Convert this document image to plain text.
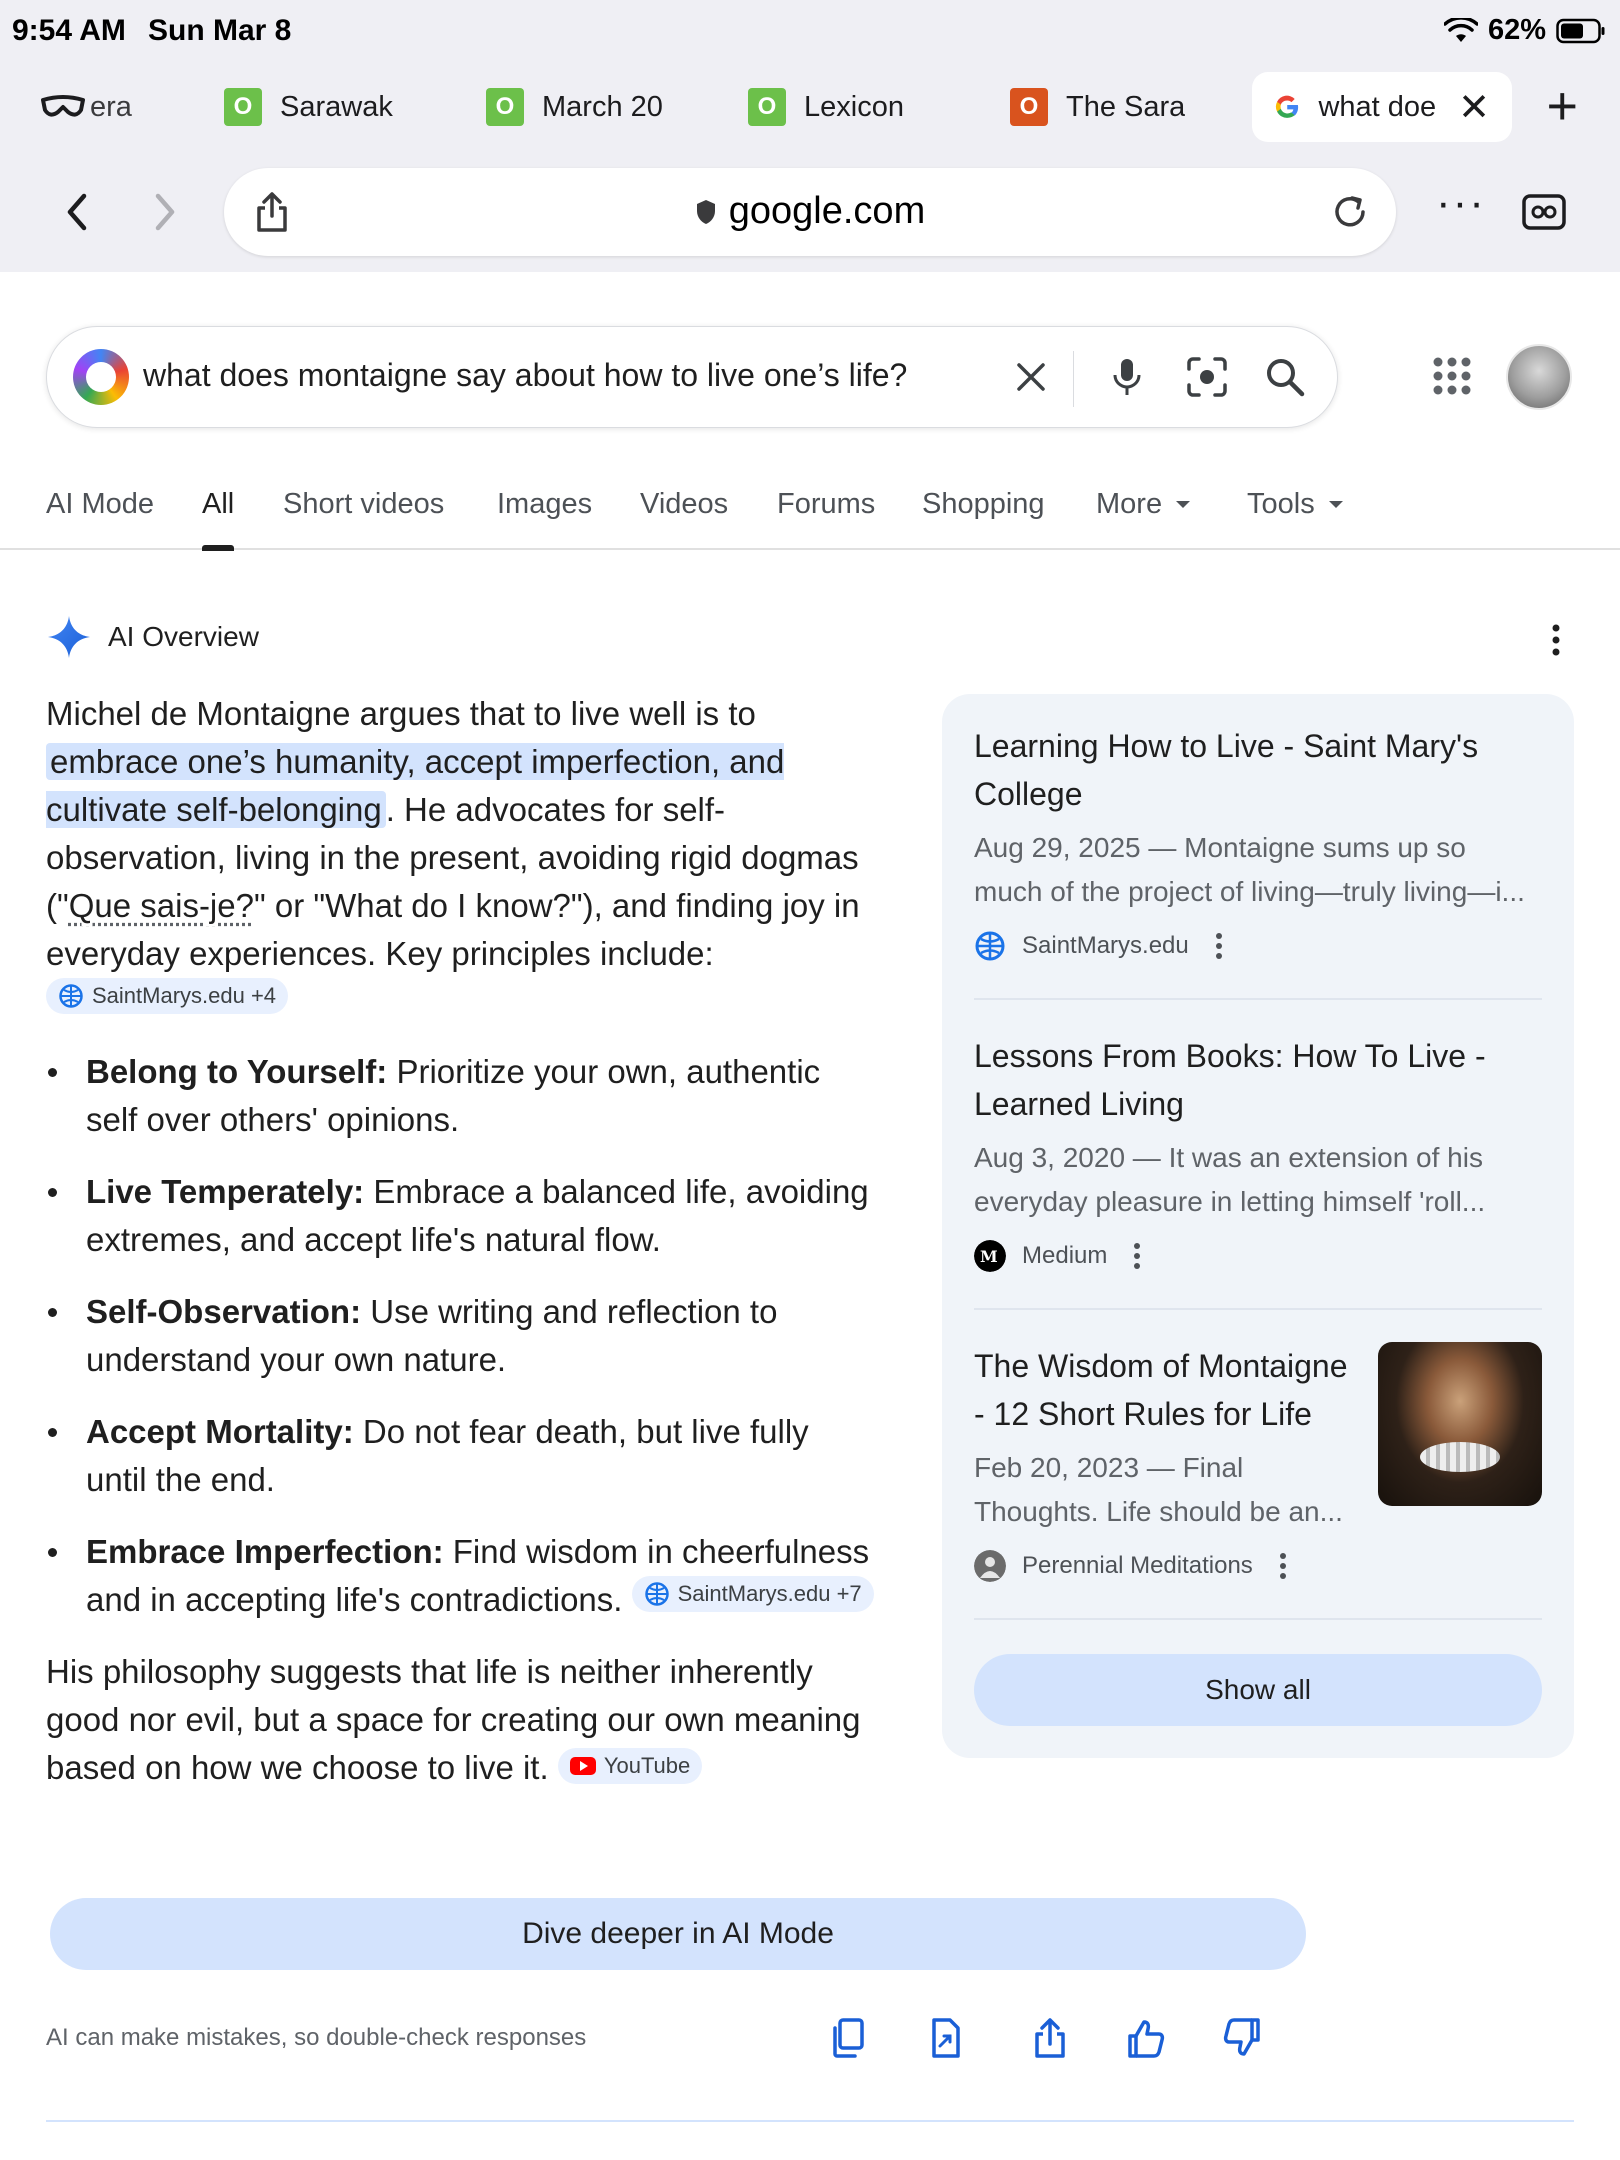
9:54 AM Sun Mar 8	62%
era	O Sarawak	O March 20	O Lexicon	O The Sara	what doe ✕ +
google.com	···
what does montaigne say about how to live one’s life?
AI Mode All Short videos Images Videos Forums Shopping More	Tools
AI Overview

Michel de Montaigne argues that to live well is to embrace one’s humanity, accept imperfection, and cultivate self-belonging . He advocates for self-observation, living in the present, avoiding rigid dogmas ("Que sais-je?" or "What do I know?"), and finding joy in everyday experiences. Key principles include:
SaintMarys.edu +4

Belong to Yourself: Prioritize your own, authentic self over others' opinions.
Live Temperately: Embrace a balanced life, avoiding extremes, and accept life's natural flow.
Self-Observation: Use writing and reflection to understand your own nature.
Accept Mortality: Do not fear death, but live fully until the end.
Embrace Imperfection: Find wisdom in cheerfulness and in accepting life's contradictions. SaintMarys.edu +7

His philosophy suggests that life is neither inherently good nor evil, but a space for creating our own meaning based on how we choose to live it. YouTube

Learning How to Live - Saint Mary's College
Aug 29, 2025 — Montaigne sums up so
much of the project of living—truly living—i...
SaintMarys.edu
Lessons From Books: How To Live - Learned Living
Aug 3, 2020 — It was an extension of his
everyday pleasure in letting himself 'roll...
M Medium
The Wisdom of Montaigne - 12 Short Rules for Life
Feb 20, 2023 — Final
Thoughts. Life should be an...
Perennial Meditations
Show all
Dive deeper in AI Mode
AI can make mistakes, so double-check responses
